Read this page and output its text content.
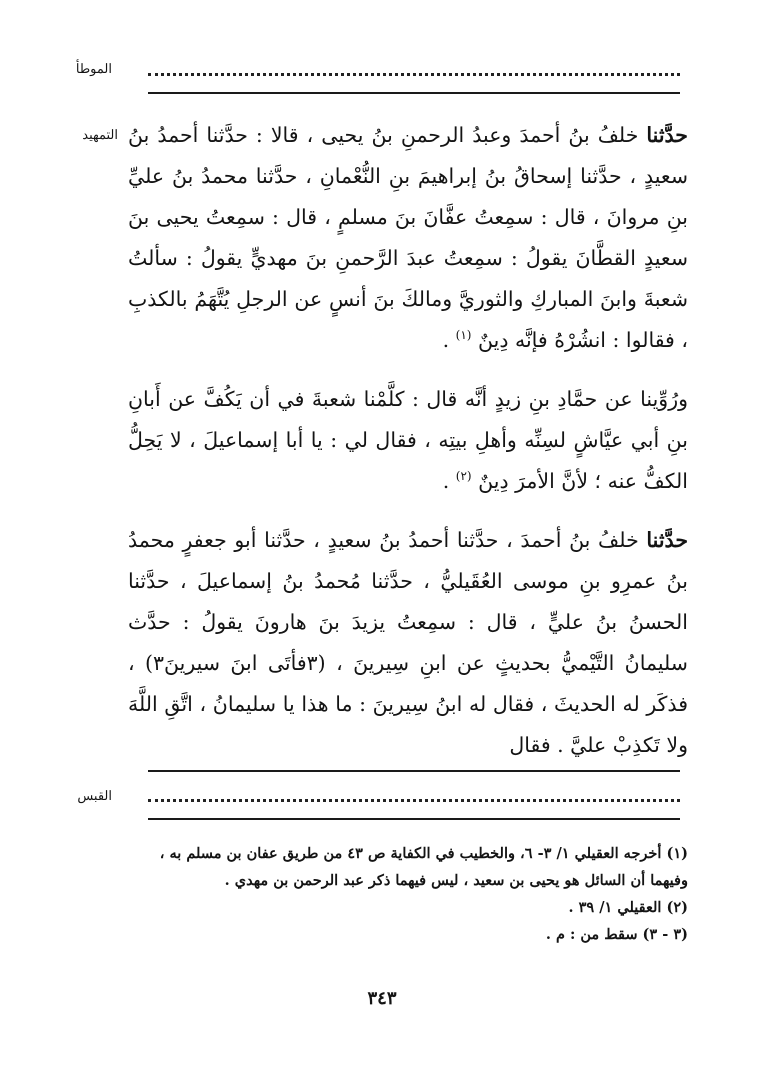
الموطأ
التمهيد	حدَّثنا خلفُ بنُ أحمدَ وعبدُ الرحمنِ بنُ يحيى ، قالا : حدَّثنا أحمدُ بنُ سعيدٍ ، حدَّثنا إسحاقُ بنُ إبراهيمَ بنِ النُّعْمانِ ، حدَّثنا محمدُ بنُ عليِّ بنِ مروانَ ، قال : سمِعتُ عفَّانَ بنَ مسلمٍ ، قال : سمِعتُ يحيى بنَ سعيدٍ القطَّانَ يقولُ : سمِعتُ عبدَ الرَّحمنِ بنَ مهديٍّ يقولُ : سألتُ شعبةَ وابنَ المباركِ والثوريَّ ومالكَ بنَ أنسٍ عن الرجلِ يُتَّهَمُ بالكذبِ ، فقالوا : انشُرْهُ فإنَّه دِينٌ $^{(١)}$ .

ورُوِّينا عن حمَّادِ بنِ زيدٍ أنَّه قال : كلَّمْنا شعبةَ في أن يَكُفَّ عن أَبانِ بنِ أبي عيَّاشٍ لسِنِّه وأهلِ بيتِه ، فقال لي : يا أبا إسماعيلَ ، لا يَحِلُّ الكفُّ عنه ؛ لأنَّ الأمرَ دِينٌ $^{(٢)}$ .

حدَّثنا خلفُ بنُ أحمدَ ، حدَّثنا أحمدُ بنُ سعيدٍ ، حدَّثنا أبو جعفرٍ محمدُ بنُ عمرِو بنِ موسى العُقَيليُّ ، حدَّثنا مُحمدُ بنُ إسماعيلَ ، حدَّثنا الحسنُ بنُ عليٍّ ، قال : سمِعتُ يزيدَ بنَ هارونَ يقولُ : حدَّث سليمانُ التَّيْميُّ بحديثٍ عن ابنِ سِيرينَ ، (٣فأتَى ابنَ سيرينَ٣) ، فذكَر له الحديثَ ، فقال له ابنُ سِيرينَ : ما هذا يا سليمانُ ، اتَّقِ اللَّهَ ولا تَكذِبْ عليَّ . فقال

القبس

(١) أخرجه العقيلي ١/ ٣- ٦، والخطيب في الكفاية ص ٤٣ من طريق عفان بن مسلم به ، وفيهما أن السائل هو يحيى بن سعيد ، ليس فيهما ذكر عبد الرحمن بن مهدي .

(٢) العقيلي ١/ ٣٩ .

(٣ - ٣) سقط من : م .

٣٤٣
